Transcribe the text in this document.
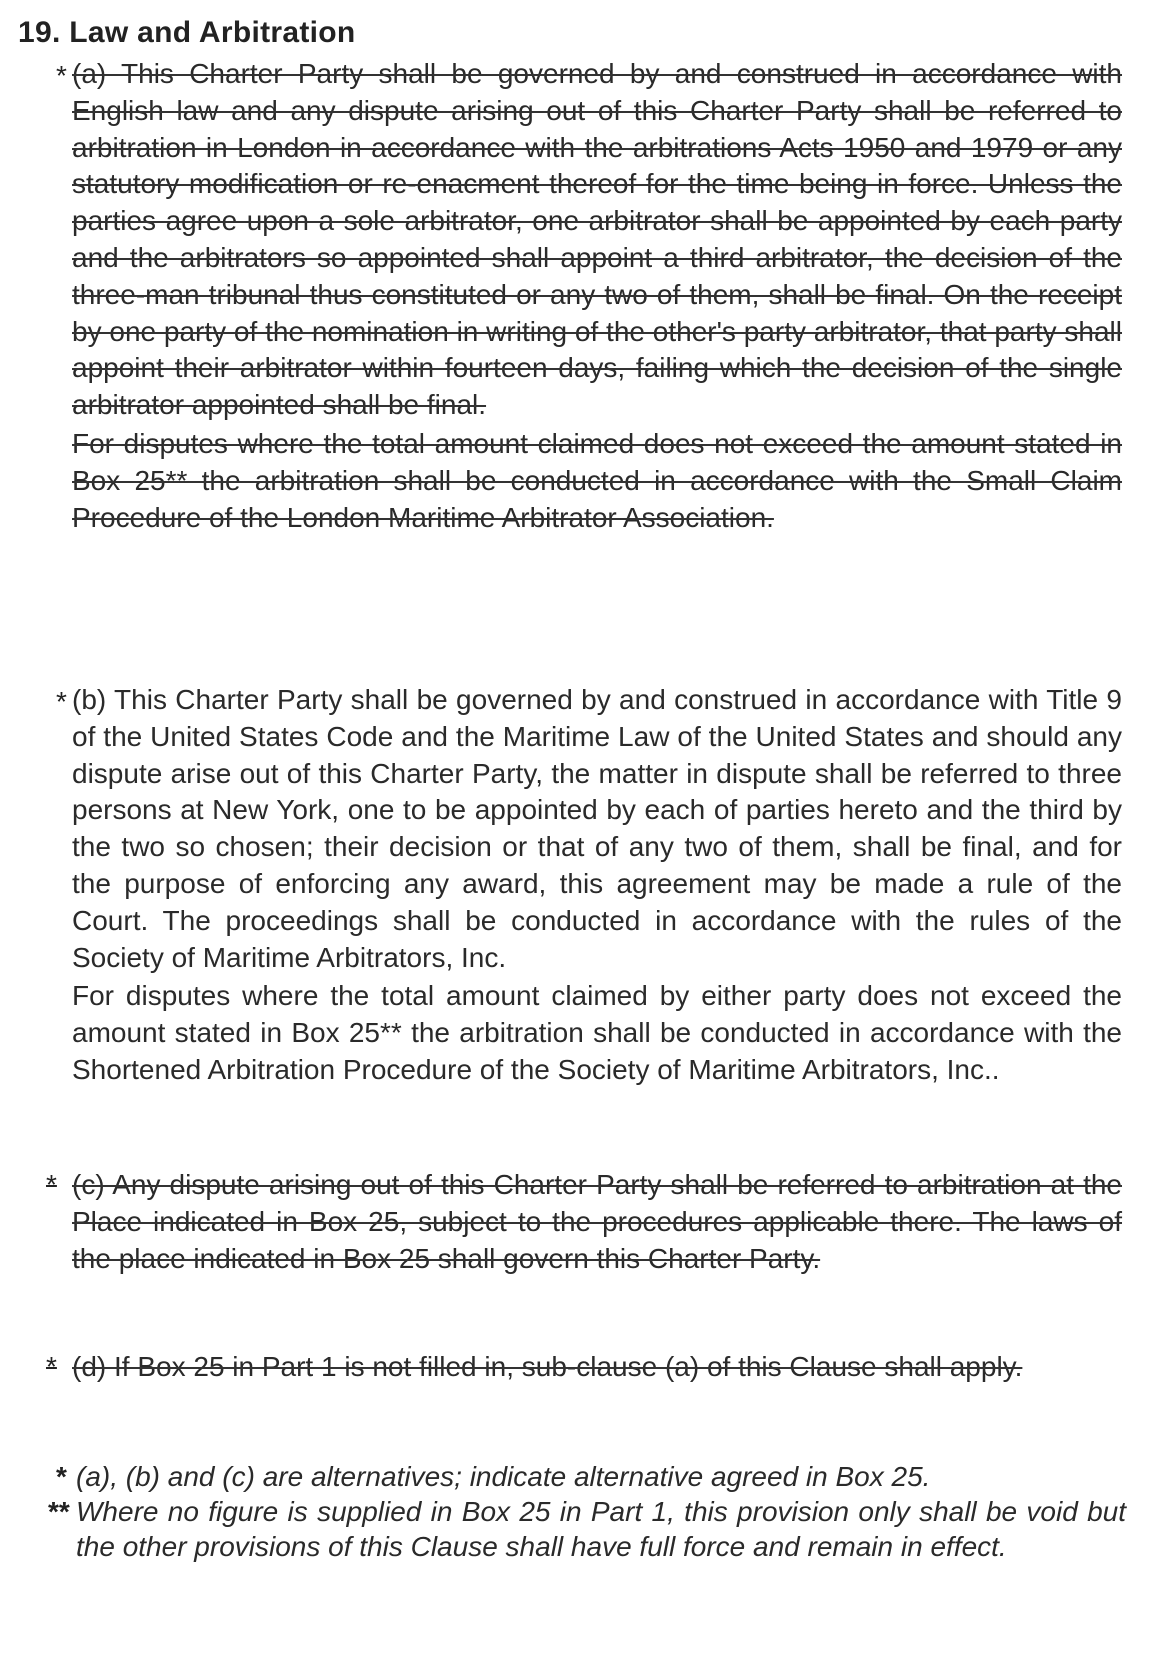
19. Law and Arbitration
* (a) This Charter Party shall be governed by and construed in accordance with English law and any dispute arising out of this Charter Party shall be referred to arbitration in London in accordance with the arbitrations Acts 1950 and 1979 or any statutory modification or re-enacment thereof for the time being in force. Unless the parties agree upon a sole arbitrator, one arbitrator shall be appointed by each party and the arbitrators so appointed shall appoint a third arbitrator, the decision of the three-man tribunal thus constituted or any two of them, shall be final. On the receipt by one party of the nomination in writing of the other's party arbitrator, that party shall appoint their arbitrator within fourteen days, failing which the decision of the single arbitrator appointed shall be final.

For disputes where the total amount claimed does not exceed the amount stated in Box 25** the arbitration shall be conducted in accordance with the Small Claim Procedure of the London Maritime Arbitrator Association.

* (b) This Charter Party shall be governed by and construed in accordance with Title 9 of the United States Code and the Maritime Law of the United States and should any dispute arise out of this Charter Party, the matter in dispute shall be referred to three persons at New York, one to be appointed by each of parties hereto and the third by the two so chosen; their decision or that of any two of them, shall be final, and for the purpose of enforcing any award, this agreement may be made a rule of the Court. The proceedings shall be conducted in accordance with the rules of the Society of Maritime Arbitrators, Inc.

For disputes where the total amount claimed by either party does not exceed the amount stated in Box 25** the arbitration shall be conducted in accordance with the Shortened Arbitration Procedure of the Society of Maritime Arbitrators, Inc..

* (c) Any dispute arising out of this Charter Party shall be referred to arbitration at the Place indicated in Box 25, subject to the procedures applicable there. The laws of the place indicated in Box 25 shall govern this Charter Party.

* (d) If Box 25 in Part 1 is not filled in, sub-clause (a) of this Clause shall apply.

* (a), (b) and (c) are alternatives; indicate alternative agreed in Box 25.
** Where no figure is supplied in Box 25 in Part 1, this provision only shall be void but the other provisions of this Clause shall have full force and remain in effect.
